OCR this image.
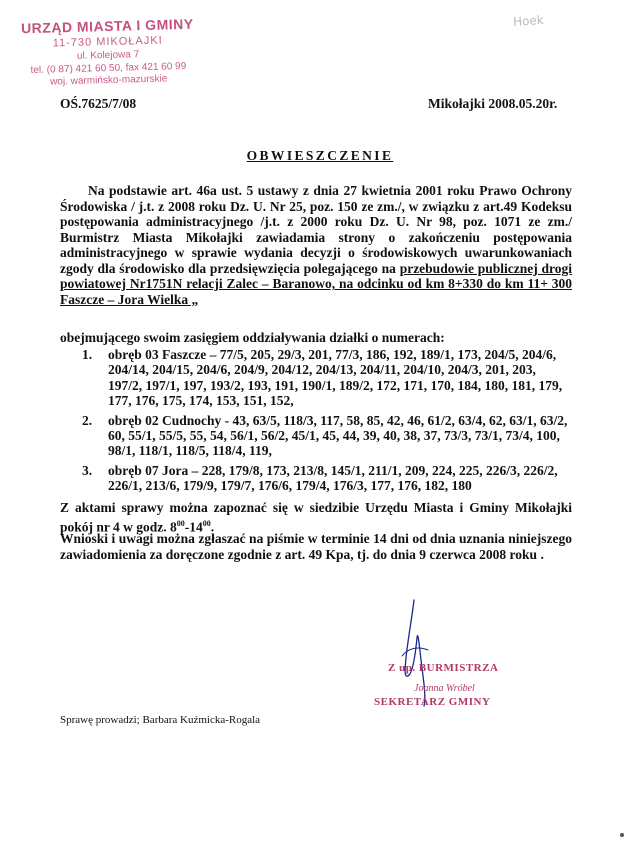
URZĄD MIASTA I GMINY
11-730 MIKOŁAJKI
ul. Kolejowa 7
tel. (0 87) 421 60 50, fax 421 60 99
woj. warmińsko-mazurskie
Hoek
OŚ.7625/7/08	Mikołajki 2008.05.20r.
OBWIESZCZENIE
Na podstawie art. 46a ust. 5 ustawy z dnia 27 kwietnia 2001 roku Prawo Ochrony Środowiska / j.t. z 2008 roku Dz. U. Nr 25, poz. 150 ze zm./, w związku z art.49 Kodeksu postępowania administracyjnego /j.t. z 2000 roku Dz. U. Nr 98, poz. 1071 ze zm./ Burmistrz Miasta Mikołajki zawiadamia strony o zakończeniu postępowania administracyjnego w sprawie wydania decyzji o środowiskowych uwarunkowaniach zgody dla środowisko dla przedsięwzięcia polegającego na przebudowie publicznej drogi powiatowej Nr1751N relacji Zalec – Baranowo, na odcinku od km 8+330 do km 11+ 300 Faszcze – Jora Wielka „
obejmującego swoim zasięgiem oddziaływania działki o numerach:
1. obręb 03 Faszcze – 77/5, 205, 29/3, 201, 77/3, 186, 192, 189/1, 173, 204/5, 204/6, 204/14, 204/15, 204/6, 204/9, 204/12, 204/13, 204/11, 204/10, 204/3, 201, 203, 197/2, 197/1, 197, 193/2, 193, 191, 190/1, 189/2, 172, 171, 170, 184, 180, 181, 179, 177, 176, 175, 174, 153, 151, 152,
2. obręb 02 Cudnochy - 43, 63/5, 118/3, 117, 58, 85, 42, 46, 61/2, 63/4, 62, 63/1, 63/2, 60, 55/1, 55/5, 55, 54, 56/1, 56/2, 45/1, 45, 44, 39, 40, 38, 37, 73/3, 73/1, 73/4, 100, 98/1, 118/1, 118/5, 118/4, 119,
3. obręb 07 Jora – 228, 179/8, 173, 213/8, 145/1, 211/1, 209, 224, 225, 226/3, 226/2, 226/1, 213/6, 179/9, 179/7, 176/6, 179/4, 176/3, 177, 176, 182, 180
Z aktami sprawy można zapoznać się w siedzibie Urzędu Miasta i Gminy Mikołajki pokój nr 4 w godz. $8^{00}-14^{00}$.
Wnioski i uwagi można zgłaszać na piśmie w terminie 14 dni od dnia uznania niniejszego zawiadomienia za doręczone zgodnie z art. 49 Kpa, tj. do dnia 9 czerwca 2008 roku .
Z up. BURMISTRZA
Joanna Wróbel
SEKRETARZ GMINY
Sprawę prowadzi; Barbara Kuźmicka-Rogala
